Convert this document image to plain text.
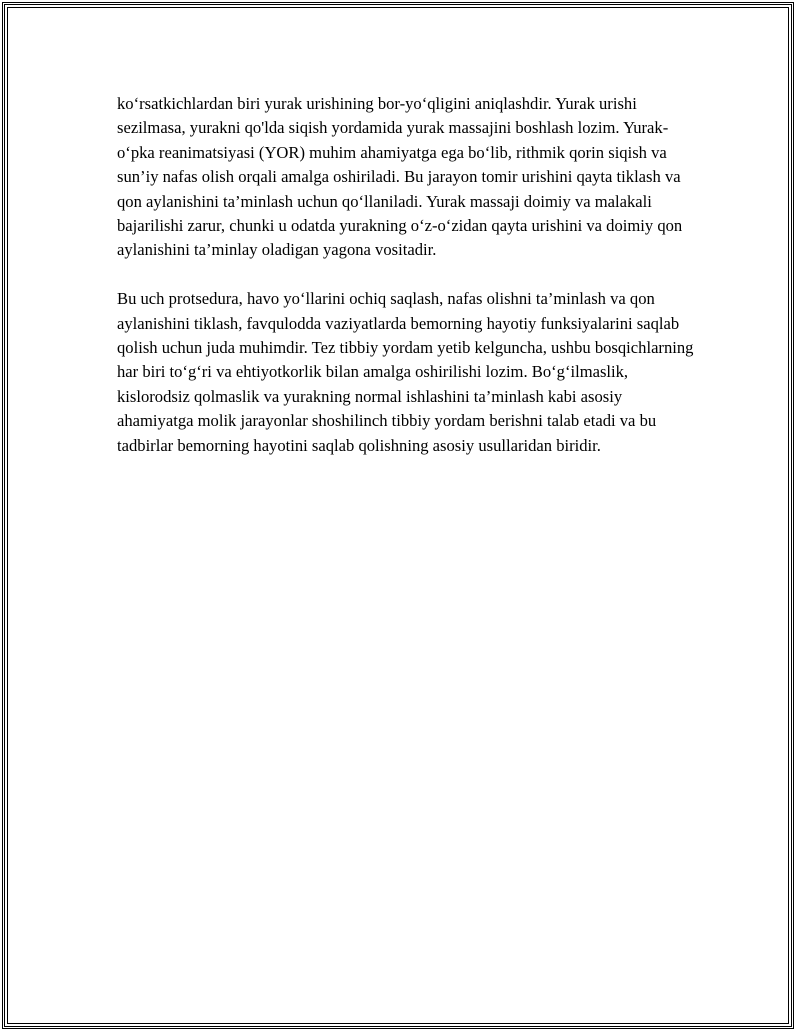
ko‘rsatkichlardan biri yurak urishining bor-yo‘qligini aniqlashdir. Yurak urishi sezilmasa, yurakni qo'lda siqish yordamida yurak massajini boshlash lozim. Yurak-o‘pka reanimatsiyasi (YOR) muhim ahamiyatga ega bo‘lib, rithmik qorin siqish va sun’iy nafas olish orqali amalga oshiriladi. Bu jarayon tomir urishini qayta tiklash va qon aylanishini ta’minlash uchun qo‘llaniladi. Yurak massaji doimiy va malakali bajarilishi zarur, chunki u odatda yurakning o‘z-o‘zidan qayta urishini va doimiy qon aylanishini ta’minlay oladigan yagona vositadir.

Bu uch protsedura, havo yo‘llarini ochiq saqlash, nafas olishni ta’minlash va qon aylanishini tiklash, favqulodda vaziyatlarda bemorning hayotiy funksiyalarini saqlab qolish uchun juda muhimdir. Tez tibbiy yordam yetib kelguncha, ushbu bosqichlarning har biri to‘g‘ri va ehtiyotkorlik bilan amalga oshirilishi lozim. Bo‘g‘ilmaslik, kislorodsiz qolmaslik va yurakning normal ishlashini ta’minlash kabi asosiy ahamiyatga molik jarayonlar shoshilinch tibbiy yordam berishni talab etadi va bu tadbirlar bemorning hayotini saqlab qolishning asosiy usullaridan biridir.
